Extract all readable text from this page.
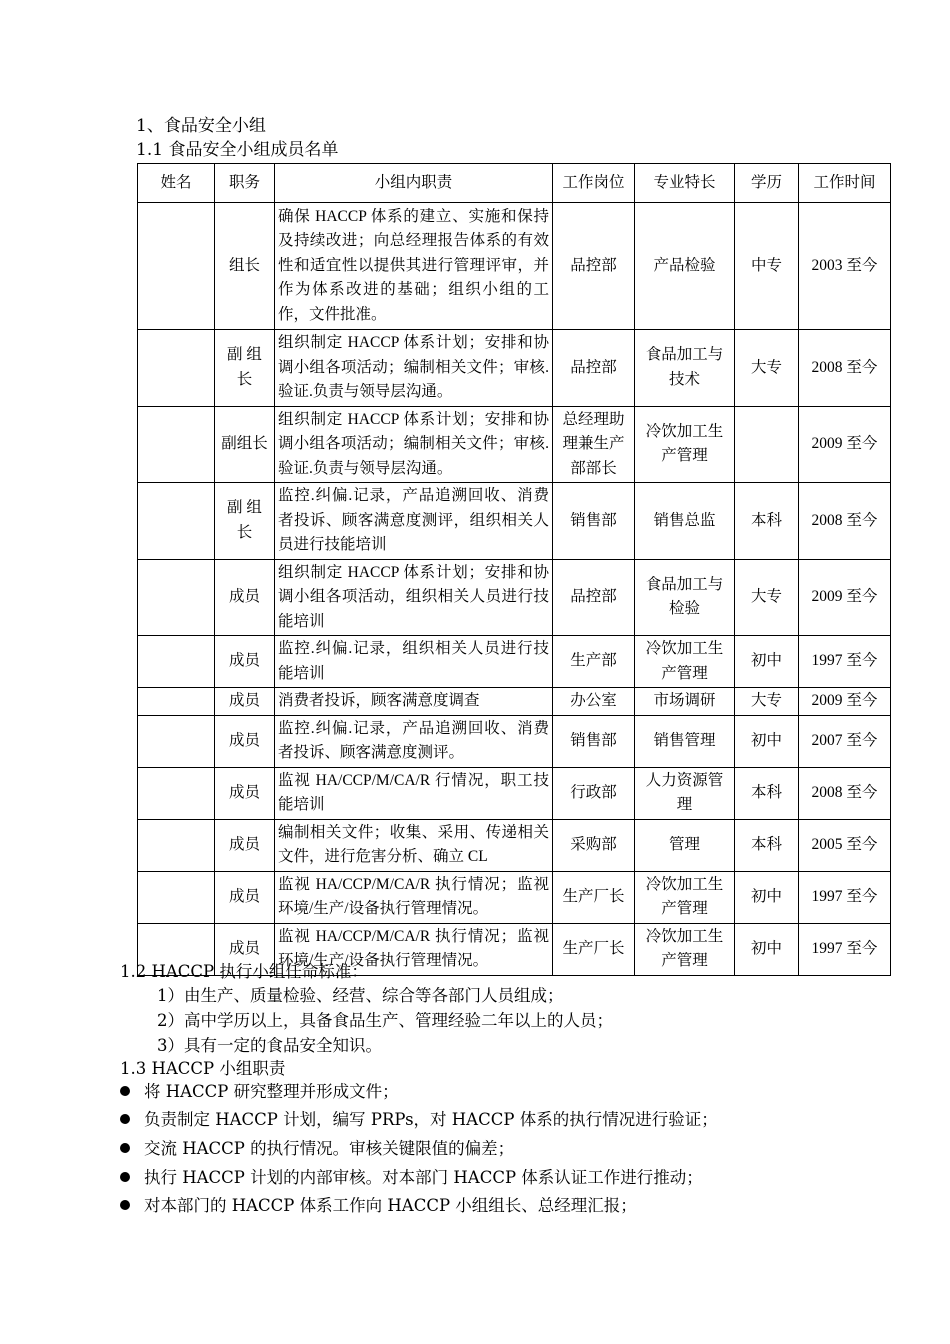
1、食品安全小组
1.1 食品安全小组成员名单
姓名	职务	小组内职责	工作岗位	专业特长	学历	工作时间
	组长	确保 HACCP 体系的建立、实施和保持及持续改进；向总经理报告体系的有效性和适宜性以提供其进行管理评审，并作为体系改进的基础；组织小组的工作，文件批准。	品控部	产品检验	中专	2003 至今
	副 组 长	组织制定 HACCP 体系计划；安排和协调小组各项活动；编制相关文件；审核.验证.负责与领导层沟通。	品控部	食品加工与技术	大专	2008 至今
	副组长	组织制定 HACCP 体系计划；安排和协调小组各项活动；编制相关文件；审核.验证.负责与领导层沟通。	总经理助理兼生产部部长	冷饮加工生产管理		2009 至今
	副 组 长	监控.纠偏.记录，产品追溯回收、消费者投诉、顾客满意度测评，组织相关人员进行技能培训	销售部	销售总监	本科	2008 至今
	成员	组织制定 HACCP 体系计划；安排和协调小组各项活动，组织相关人员进行技能培训	品控部	食品加工与检验	大专	2009 至今
	成员	监控.纠偏.记录，组织相关人员进行技能培训	生产部	冷饮加工生产管理	初中	1997 至今
	成员	消费者投诉，顾客满意度调查	办公室	市场调研	大专	2009 至今
	成员	监控.纠偏.记录，产品追溯回收、消费者投诉、顾客满意度测评。	销售部	销售管理	初中	2007 至今
	成员	监视 HA/CCP/M/CA/R 行情况，职工技能培训	行政部	人力资源管理	本科	2008 至今
	成员	编制相关文件；收集、采用、传递相关文件，进行危害分析、确立 CL	采购部	管理	本科	2005 至今
	成员	监视 HA/CCP/M/CA/R 执行情况；监视环境/生产/设备执行管理情况。	生产厂长	冷饮加工生产管理	初中	1997 至今
	成员	监视 HA/CCP/M/CA/R 执行情况；监视环境/生产/设备执行管理情况。	生产厂长	冷饮加工生产管理	初中	1997 至今
1.2 HACCP 执行小组任命标准：
1）由生产、质量检验、经营、综合等各部门人员组成；
2）高中学历以上，具备食品生产、管理经验二年以上的人员；
3）具有一定的食品安全知识。
1.3 HACCP 小组职责
将 HACCP 研究整理并形成文件；
负责制定 HACCP 计划，编写 PRPs，对 HACCP 体系的执行情况进行验证；
交流 HACCP 的执行情况。审核关键限值的偏差；
执行 HACCP 计划的内部审核。对本部门 HACCP 体系认证工作进行推动；
对本部门的 HACCP 体系工作向 HACCP 小组组长、总经理汇报；
